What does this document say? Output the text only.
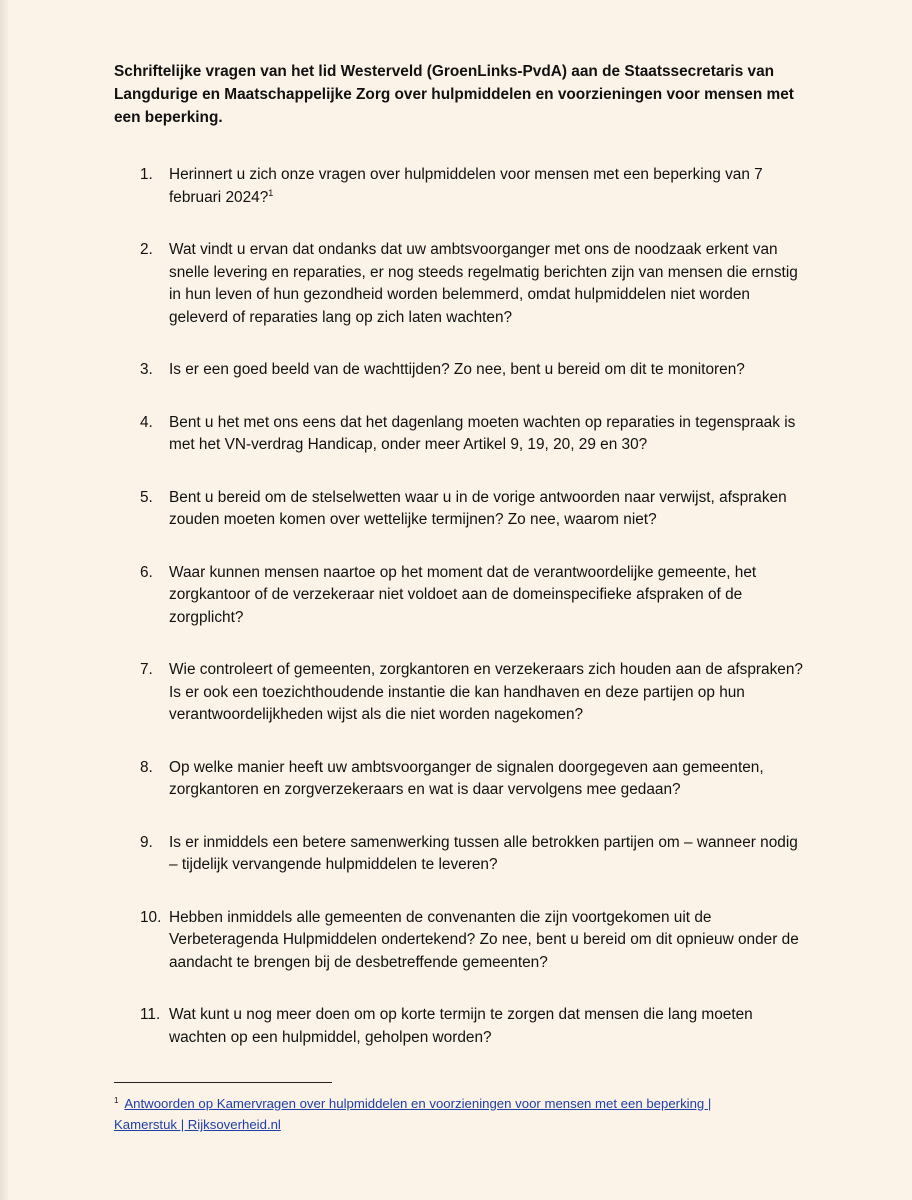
Schriftelijke vragen van het lid Westerveld (GroenLinks-PvdA) aan de Staatssecretaris van Langdurige en Maatschappelijke Zorg over hulpmiddelen en voorzieningen voor mensen met een beperking.

1.	Herinnert u zich onze vragen over hulpmiddelen voor mensen met een beperking van 7 februari 2024?$^1$
2.	Wat vindt u ervan dat ondanks dat uw ambtsvoorganger met ons de noodzaak erkent van snelle levering en reparaties, er nog steeds regelmatig berichten zijn van mensen die ernstig in hun leven of hun gezondheid worden belemmerd, omdat hulpmiddelen niet worden geleverd of reparaties lang op zich laten wachten?
3.	Is er een goed beeld van de wachttijden? Zo nee, bent u bereid om dit te monitoren?
4.	Bent u het met ons eens dat het dagenlang moeten wachten op reparaties in tegenspraak is met het VN-verdrag Handicap, onder meer Artikel 9, 19, 20, 29 en 30?
5.	Bent u bereid om de stelselwetten waar u in de vorige antwoorden naar verwijst, afspraken zouden moeten komen over wettelijke termijnen? Zo nee, waarom niet?
6.	Waar kunnen mensen naartoe op het moment dat de verantwoordelijke gemeente, het zorgkantoor of de verzekeraar niet voldoet aan de domeinspecifieke afspraken of de zorgplicht?
7.	Wie controleert of gemeenten, zorgkantoren en verzekeraars zich houden aan de afspraken? Is er ook een toezichthoudende instantie die kan handhaven en deze partijen op hun verantwoordelijkheden wijst als die niet worden nagekomen?
8.	Op welke manier heeft uw ambtsvoorganger de signalen doorgegeven aan gemeenten, zorgkantoren en zorgverzekeraars en wat is daar vervolgens mee gedaan?
9.	Is er inmiddels een betere samenwerking tussen alle betrokken partijen om – wanneer nodig – tijdelijk vervangende hulpmiddelen te leveren?
10. Hebben inmiddels alle gemeenten de convenanten die zijn voortgekomen uit de Verbeteragenda Hulpmiddelen ondertekend? Zo nee, bent u bereid om dit opnieuw onder de aandacht te brengen bij de desbetreffende gemeenten?
11. Wat kunt u nog meer doen om op korte termijn te zorgen dat mensen die lang moeten wachten op een hulpmiddel, geholpen worden?
$^1$ Antwoorden op Kamervragen over hulpmiddelen en voorzieningen voor mensen met een beperking | Kamerstuk | Rijksoverheid.nl
